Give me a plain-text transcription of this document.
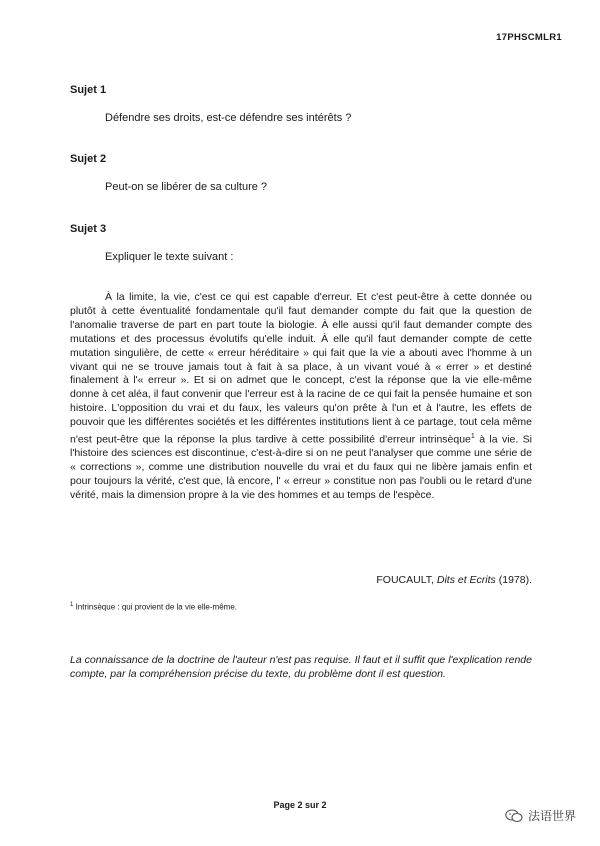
17PHSCMLR1
Sujet 1
Défendre ses droits, est-ce défendre ses intérêts ?
Sujet 2
Peut-on se libérer de sa culture ?
Sujet 3
Expliquer le texte suivant :

À la limite, la vie, c'est ce qui est capable d'erreur. Et c'est peut-être à cette donnée ou plutôt à cette éventualité fondamentale qu'il faut demander compte du fait que la question de l'anomalie traverse de part en part toute la biologie. À elle aussi qu'il faut demander compte des mutations et des processus évolutifs qu'elle induit. À elle qu'il faut demander compte de cette mutation singulière, de cette « erreur héréditaire » qui fait que la vie a abouti avec l'homme à un vivant qui ne se trouve jamais tout à fait à sa place, à un vivant voué à « errer » et destiné finalement à l'« erreur ». Et si on admet que le concept, c'est la réponse que la vie elle-même donne à cet aléa, il faut convenir que l'erreur est à la racine de ce qui fait la pensée humaine et son histoire. L'opposition du vrai et du faux, les valeurs qu'on prête à l'un et à l'autre, les effets de pouvoir que les différentes sociétés et les différentes institutions lient à ce partage, tout cela même n'est peut-être que la réponse la plus tardive à cette possibilité d'erreur intrinsèque$^1$ à la vie. Si l'histoire des sciences est discontinue, c'est-à-dire si on ne peut l'analyser que comme une série de « corrections », comme une distribution nouvelle du vrai et du faux qui ne libère jamais enfin et pour toujours la vérité, c'est que, là encore, l' « erreur » constitue non pas l'oubli ou le retard d'une vérité, mais la dimension propre à la vie des hommes et au temps de l'espèce.

FOUCAULT, Dits et Ecrits (1978).
$^1$ Intrinsèque : qui provient de la vie elle-même.

La connaissance de la doctrine de l'auteur n'est pas requise. Il faut et il suffit que l'explication rende compte, par la compréhension précise du texte, du problème dont il est question.

Page 2 sur 2
法语世界
